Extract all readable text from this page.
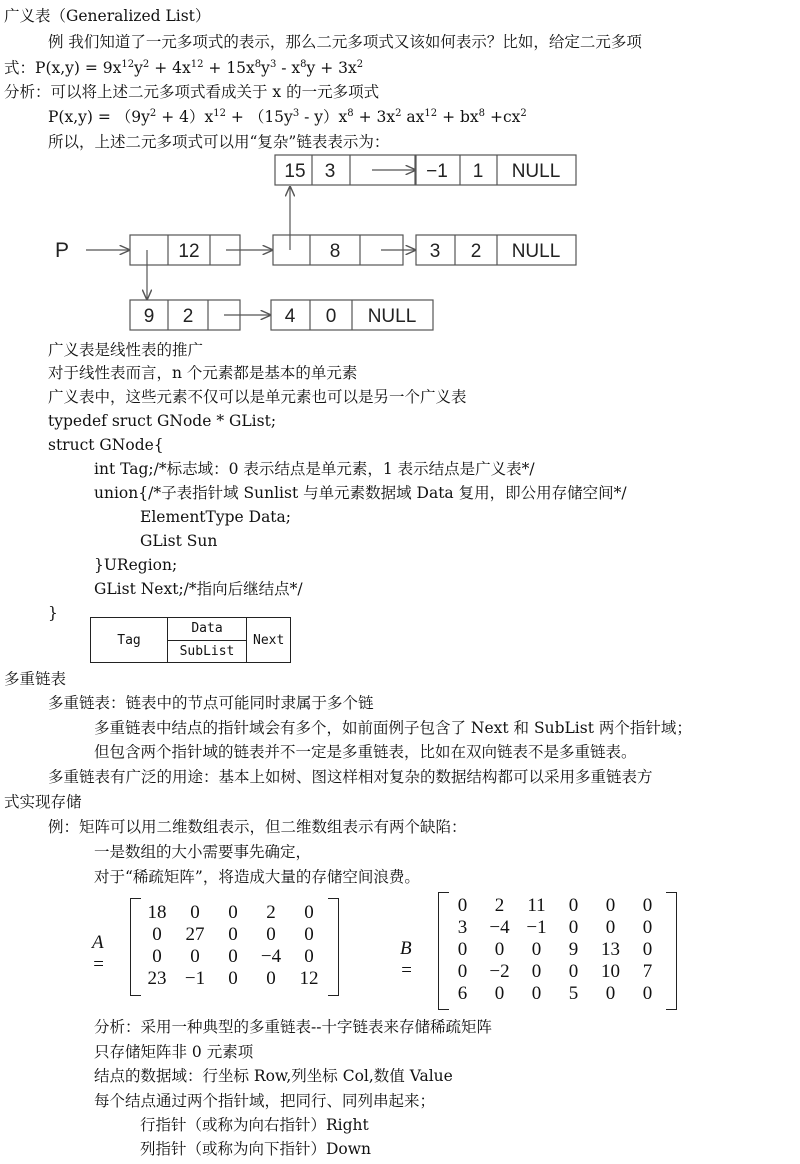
广义表（Generalized List）
例 我们知道了一元多项式的表示，那么二元多项式又该如何表示？比如，给定二元多项
式：$P(x,y) = 9x^{12}y^2 + 4x^{12} + 15x^8y^3 - x^8y + 3x^2$
分析：可以将上述二元多项式看成关于 x 的一元多项式
$P(x,y) = (9y^2 + 4)x^{12} + (15y^3 - y)x^8 + 3x^2$ $ax^{12} + bx^8 +cx^2$
所以，上述二元多项式可以用“复杂”链表表示为：
15 3	−1 1 NULL
P	12	8	3 2 NULL
9 2	4 0 NULL
广义表是线性表的推广
对于线性表而言，n 个元素都是基本的单元素
广义表中，这些元素不仅可以是单元素也可以是另一个广义表
typedef sruct GNode * GList;
struct GNode{
int Tag;/*标志域：0 表示结点是单元素，1 表示结点是广义表*/
union{/*子表指针域 Sunlist 与单元素数据域 Data 复用，即公用存储空间*/
ElementType Data;
GList Sun
}URegion;
GList Next;/*指向后继结点*/
}
Tag	Data	Next
SubList
多重链表
多重链表：链表中的节点可能同时隶属于多个链
多重链表中结点的指针域会有多个，如前面例子包含了 Next 和 SubList 两个指针域；
但包含两个指针域的链表并不一定是多重链表，比如在双向链表不是多重链表。
多重链表有广泛的用途：基本上如树、图这样相对复杂的数据结构都可以采用多重链表方
式实现存储
例：矩阵可以用二维数组表示，但二维数组表示有两个缺陷：
一是数组的大小需要事先确定，
对于“稀疏矩阵”，将造成大量的存储空间浪费。
A =
18	0	0	2	0
0	27	0	0	0
0	0	0	−4	0
23 −1	0	0	12
B =
0	2	11	0	0	0
3	−4 −1	0	0	0
0	0	0	9	13	0
0	−2	0	0	10	7
6	0	0	5	0	0
分析：采用一种典型的多重链表--十字链表来存储稀疏矩阵
只存储矩阵非 0 元素项
结点的数据域：行坐标 Row,列坐标 Col,数值 Value
每个结点通过两个指针域，把同行、同列串起来；
行指针（或称为向右指针）Right
列指针（或称为向下指针）Down
